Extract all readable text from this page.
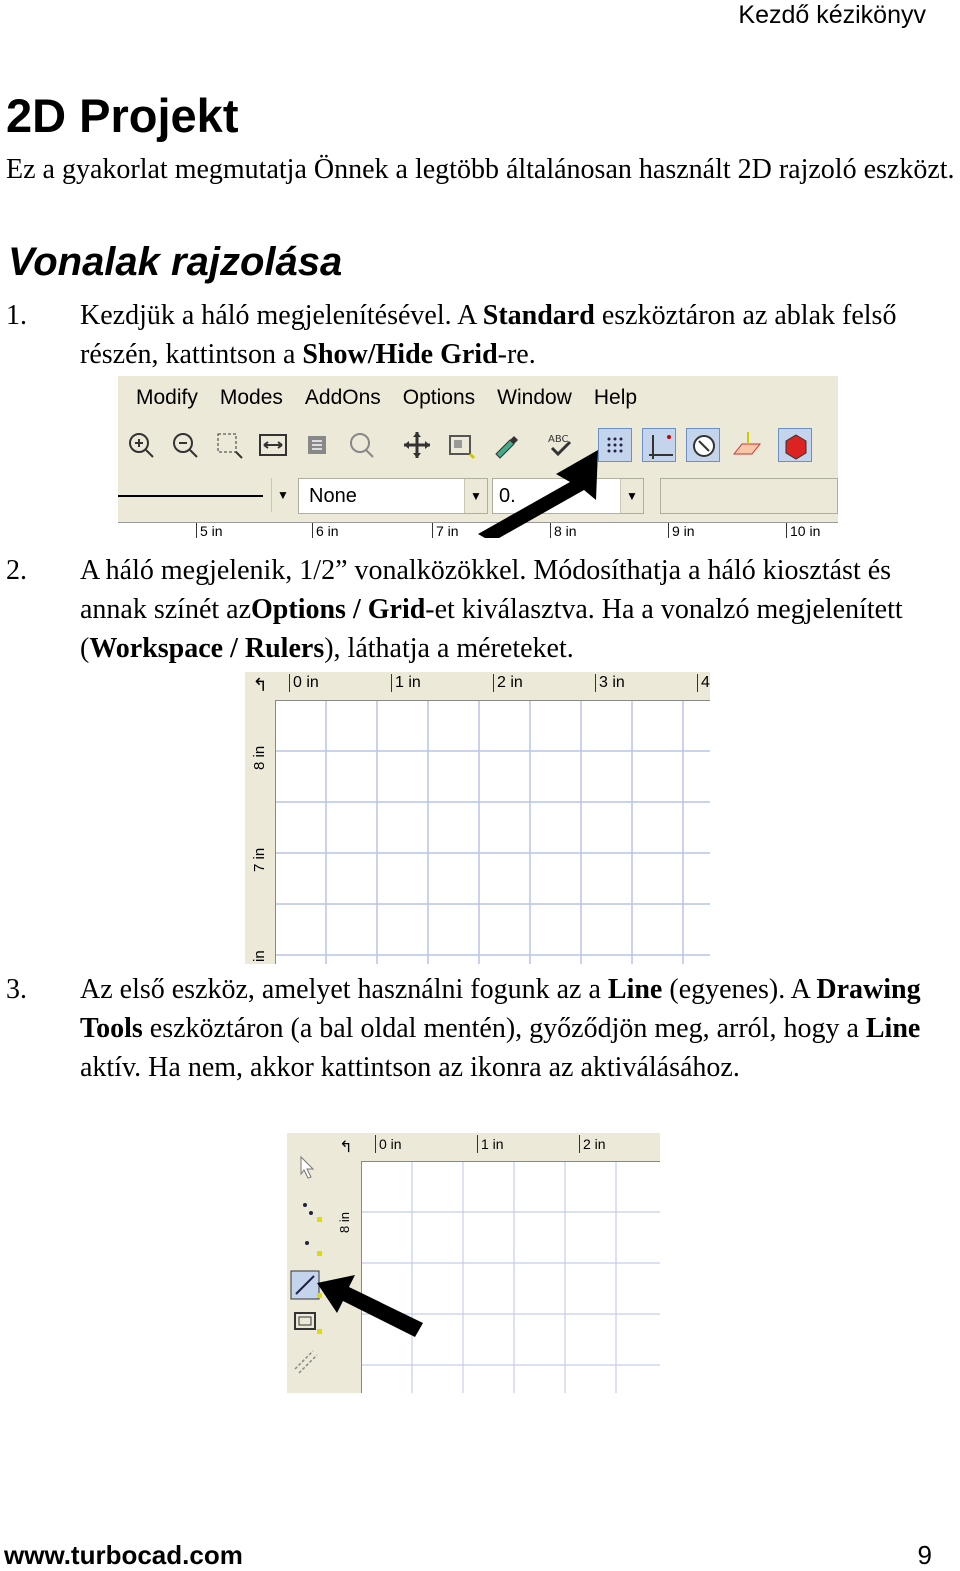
Kezdő kézikönyv
2D Projekt
Ez a gyakorlat megmutatja Önnek a legtöbb általánosan használt 2D rajzoló eszközt.
Vonalak rajzolása
1. Kezdjük a háló megjelenítésével. A Standard eszköztáron az ablak felső részén, kattintson a Show/Hide Grid-re.
Modify Modes AddOns Options Window Help
ABC
▼	None	▼ 0.	▼
5 in	6 in	7 in	8 in	9 in	10 in
2. A háló megjelenik, 1/2” vonalközökkel. Módosíthatja a háló kiosztást és annak színét azOptions / Grid-et kiválasztva. Ha a vonalzó megjelenített (Workspace / Rulers), láthatja a méreteket.
↰	0 in	1 in	2 in	3 in	4
8 in
7 in
in
3. Az első eszköz, amelyet használni fogunk az a Line (egyenes). A Drawing Tools eszköztáron (a bal oldal mentén), győződjön meg, arról, hogy a Line aktív. Ha nem, akkor kattintson az ikonra az aktiválásához.
↰	0 in	1 in	2 in
8 in
www.turbocad.com	9
